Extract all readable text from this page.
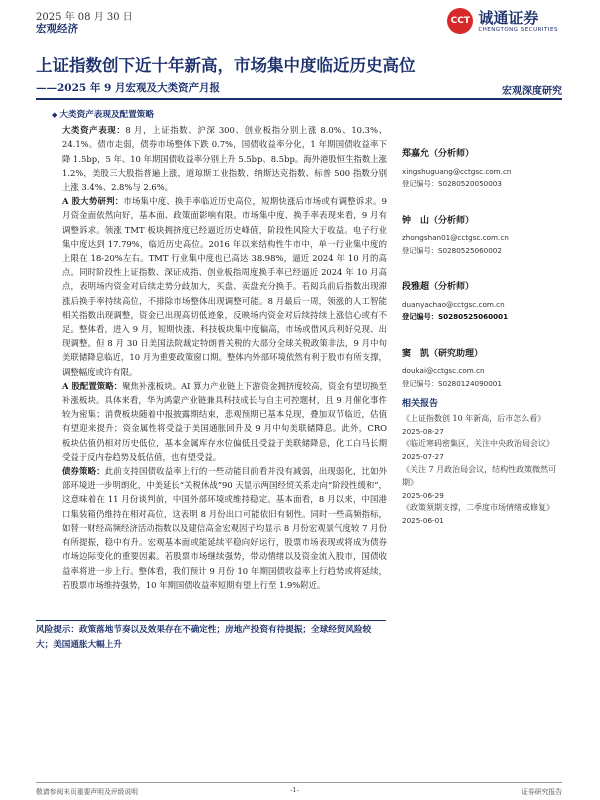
2025 年 08 月 30 日
宏观经济
CCT 诚通证券
CHENGTONG SECURITIES
上证指数创下近十年新高，市场集中度临近历史高位
——2025 年 9 月宏观及大类资产月报	宏观深度研究
◆ 大类资产表现及配置策略

大类资产表现：8 月，上证指数、沪深 300、创业板指分别上涨 8.0%、10.3%、24.1%。债市走弱，债券市场整体下跌 0.7%，国债收益率分化，1 年期国债收益率下降 1.5bp，5 年、10 年期国债收益率分别上升 5.5bp、8.5bp。海外港股恒生指数上涨 1.2%，美股三大股指普遍上涨，道琼斯工业指数、纳斯达克指数、标普 500 指数分别上涨 3.4%、2.8%与 2.6%。

A 股大势研判：市场集中度、换手率临近历史高位，短期快涨后市场或有调整诉求。9 月资金面依然向好，基本面、政策面影响有限。市场集中度、换手率表现来看，9 月有调整诉求。领涨 TMT 板块拥挤度已经逼近历史峰值，阶段性风险大于收益。电子行业集中度达到 17.79%，临近历史高位。2016 年以来结构性牛市中，单一行业集中度的上限在 18-20%左右。TMT 行业集中度也已高达 38.98%，逼近 2024 年 10 月的高点。同时阶段性上证指数、深证成指、创业板指周度换手率已经逼近 2024 年 10 月高点，表明场内资金对后续走势分歧加大，买盘、卖盘充分换手。若阅兵前后指数出现滞涨后换手率持续高位，不排除市场整体出现调整可能。8 月最后一周，领涨的人工智能相关指数出现调整，资金已出现高切低迹象，反映场内资金对后续持续上涨信心或有不足。整体看，进入 9 月，短期快涨、科技板块集中度偏高，市场或借风兵利好兑现、出现调整。但 8 月 30 日美国法院裁定特朗普关税的大部分全球关税政策非法，9 月中旬美联储降息临近，10 月为重要政策窗口期。整体内外部环境依然有利于股市有所支撑，调整幅度或许有限。

A 股配置策略：聚焦补涨板块。AI 算力产业链上下游资金拥挤度较高，资金有望切换至补涨板块。具体来看，华为鸿蒙产业链兼具科技成长与自主可控题材，且 9 月催化事件较为密集；消费板块随着中报披露期结束，悲观预期已基本兑现，叠加双节临近，估值有望迎来提升；资金属性将受益于美国通胀回升及 9 月中旬美联储降息。此外，CRO 板块估值仍相对历史低位，基本金属库存水位偏低且受益于美联储降息，化工白马长期受益于反内卷趋势及低估值，也有望受益。

债券策略：此前支持国债收益率上行的一些动能目前看并没有减弱，出现弱化，比如外部环境进一步明朗化，中美延长“关税休战”90 天显示两国经贸关系走向“阶段性缓和”，这意味着在 11 月份谈判前，中国外部环境或维持稳定。基本面看，8 月以来，中国港口集装箱仍维持在相对高位，这表明 8 月份出口可能依旧有韧性。同时一些高频指标，如替一财经高频经济活动指数以及建信高金宏观因子均显示 8 月份宏观景气度较 7 月份有所提振，稳中有升。宏观基本面或能延续平稳向好运行，股票市场表现或将成为债券市场边际变化的重要因素。若股票市场继续强势，带动情绪以及资金流入股市，国债收益率将进一步上行。整体看，我们预计 9 月份 10 年期国债收益率上行趋势或将延续，若股票市场维持强势，10 年期国债收益率短期有望上行至 1.9%附近。

风险提示：政策落地节奏以及效果存在不确定性；房地产投资有待提振；全球经贸风险较大；美国通胀大幅上升
郑嘉允（分析师）
xingshuguang@cctgsc.com.cn
登记编号：S0280520050003
钟　山（分析师）
zhongshan01@cctgsc.com.cn
登记编号：S0280525060002
段雅超（分析师）
duanyachao@cctgsc.com.cn
登记编号：S0280525060001
窦　凯（研究助理）
doukai@cctgsc.com.cn
登记编号：S0280124090001
相关报告
《上证指数创 10 年新高，后市怎么看》
2025-08-27
《临近寒码密集区，关注中央政治局会议》
2025-07-27
《关注 7 月政治局会议，结构性政策微然可期》
2025-06-29
《政策须期支撑，二季度市场情绪或修复》
2025-06-01
敬请参阅末页重要声明及评级说明	-1-	证券研究报告
